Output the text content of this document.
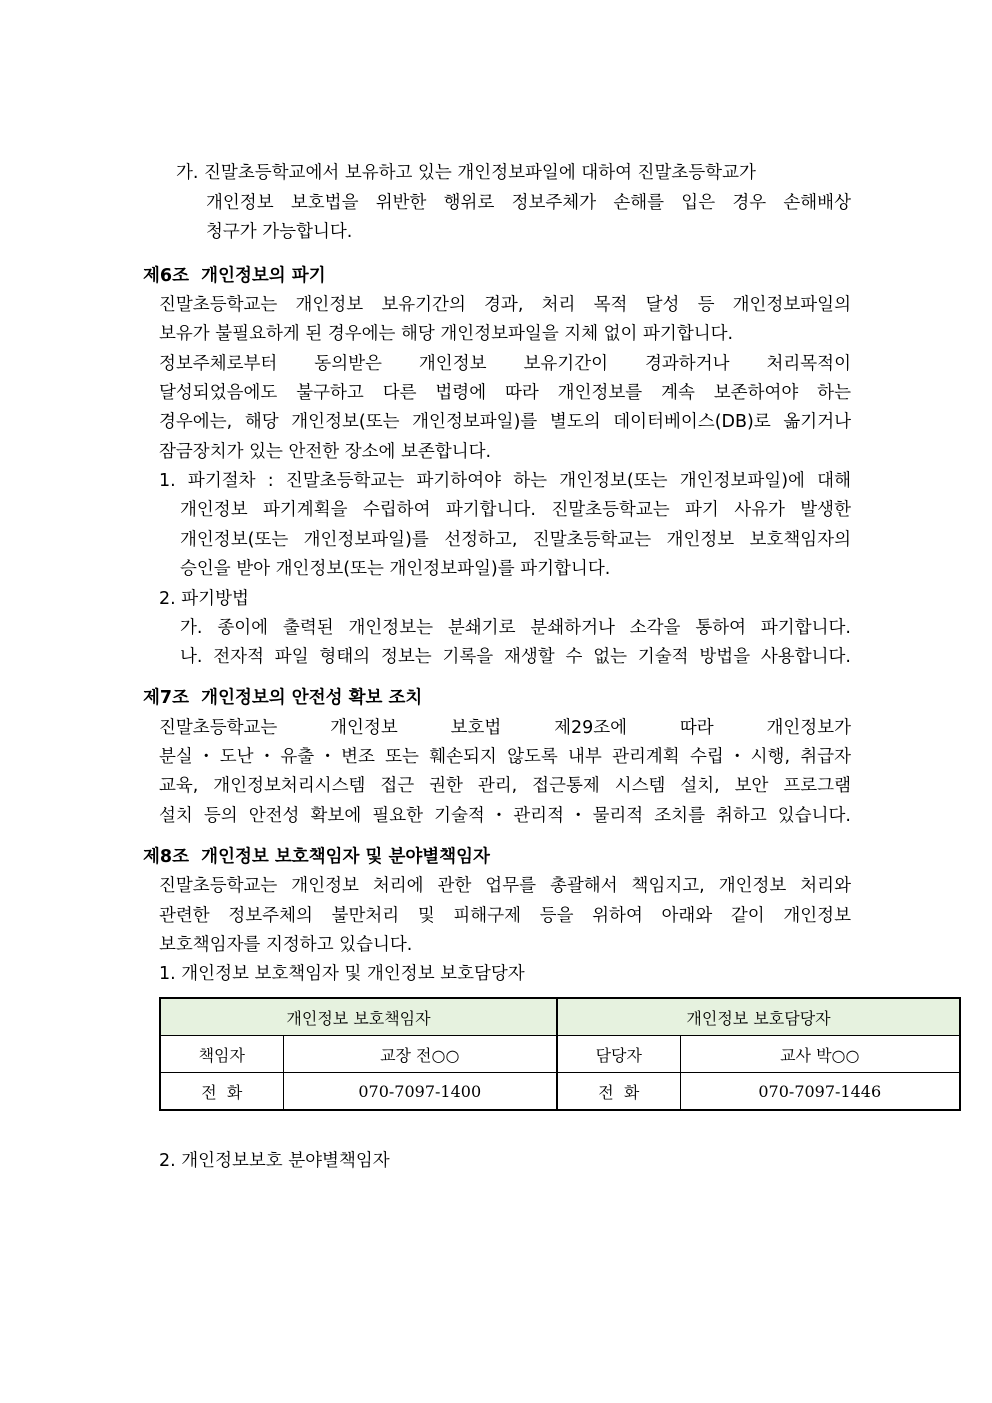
가. 진말초등학교에서 보유하고 있는 개인정보파일에 대하여 진말초등학교가
개인정보 보호법을 위반한 행위로 정보주체가 손해를 입은 경우 손해배상
청구가 가능합니다.
제6조  개인정보의 파기
진말초등학교는 개인정보 보유기간의 경과, 처리 목적 달성 등 개인정보파일의
보유가 불필요하게 된 경우에는 해당 개인정보파일을 지체 없이 파기합니다.
정보주체로부터 동의받은 개인정보 보유기간이 경과하거나 처리목적이
달성되었음에도 불구하고 다른 법령에 따라 개인정보를 계속 보존하여야 하는
경우에는, 해당 개인정보(또는 개인정보파일)를 별도의 데이터베이스(DB)로 옮기거나
잠금장치가 있는 안전한 장소에 보존합니다.
1. 파기절차 : 진말초등학교는 파기하여야 하는 개인정보(또는 개인정보파일)에 대해
개인정보 파기계획을 수립하여 파기합니다. 진말초등학교는 파기 사유가 발생한
개인정보(또는 개인정보파일)를 선정하고, 진말초등학교는 개인정보 보호책임자의
승인을 받아 개인정보(또는 개인정보파일)를 파기합니다.
2. 파기방법
가. 종이에 출력된 개인정보는 분쇄기로 분쇄하거나 소각을 통하여 파기합니다.
나. 전자적 파일 형태의 정보는 기록을 재생할 수 없는 기술적 방법을 사용합니다.
제7조  개인정보의 안전성 확보 조치
진말초등학교는 개인정보 보호법 제29조에 따라 개인정보가
분실・도난・유출・변조 또는 훼손되지 않도록 내부 관리계획 수립・시행, 취급자
교육, 개인정보처리시스템 접근 권한 관리, 접근통제 시스템 설치, 보안 프로그램
설치 등의 안전성 확보에 필요한 기술적・관리적・물리적 조치를 취하고 있습니다.
제8조  개인정보 보호책임자 및 분야별책임자
진말초등학교는 개인정보 처리에 관한 업무를 총괄해서 책임지고, 개인정보 처리와
관련한 정보주체의 불만처리 및 피해구제 등을 위하여 아래와 같이 개인정보
보호책임자를 지정하고 있습니다.
1. 개인정보 보호책임자 및 개인정보 보호담당자
개인정보 보호책임자		개인정보 보호담당자	
책임자	교장 전○○	담당자	교사 박○○
전  화	070-7097-1400	전  화	070-7097-1446
2. 개인정보보호 분야별책임자
